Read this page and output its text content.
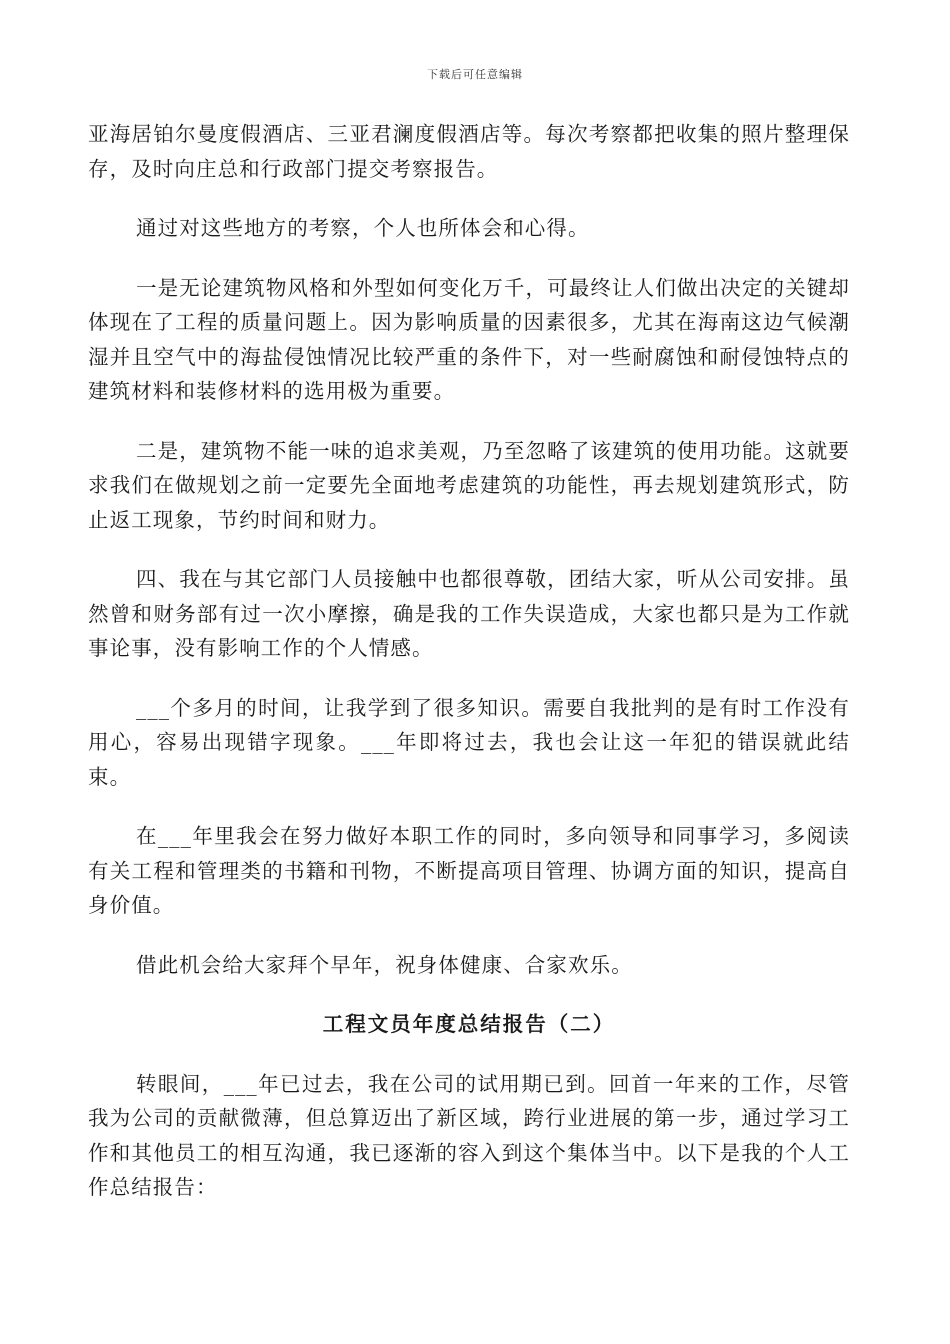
下载后可任意编辑

亚海居铂尔曼度假酒店、三亚君澜度假酒店等。每次考察都把收集的照片整理保存，及时向庄总和行政部门提交考察报告。

通过对这些地方的考察，个人也所体会和心得。

一是无论建筑物风格和外型如何变化万千，可最终让人们做出决定的关键却体现在了工程的质量问题上。因为影响质量的因素很多，尤其在海南这边气候潮湿并且空气中的海盐侵蚀情况比较严重的条件下，对一些耐腐蚀和耐侵蚀特点的建筑材料和装修材料的选用极为重要。

二是，建筑物不能一味的追求美观，乃至忽略了该建筑的使用功能。这就要求我们在做规划之前一定要先全面地考虑建筑的功能性，再去规划建筑形式，防止返工现象，节约时间和财力。

四、我在与其它部门人员接触中也都很尊敬，团结大家，听从公司安排。虽然曾和财务部有过一次小摩擦，确是我的工作失误造成，大家也都只是为工作就事论事，没有影响工作的个人情感。

___个多月的时间，让我学到了很多知识。需要自我批判的是有时工作没有用心，容易出现错字现象。___年即将过去，我也会让这一年犯的错误就此结束。

在___年里我会在努力做好本职工作的同时，多向领导和同事学习，多阅读有关工程和管理类的书籍和刊物，不断提高项目管理、协调方面的知识，提高自身价值。

借此机会给大家拜个早年，祝身体健康、合家欢乐。

工程文员年度总结报告（二）

转眼间，___年已过去，我在公司的试用期已到。回首一年来的工作，尽管我为公司的贡献微薄，但总算迈出了新区域，跨行业进展的第一步，通过学习工作和其他员工的相互沟通，我已逐渐的容入到这个集体当中。以下是我的个人工作总结报告：
